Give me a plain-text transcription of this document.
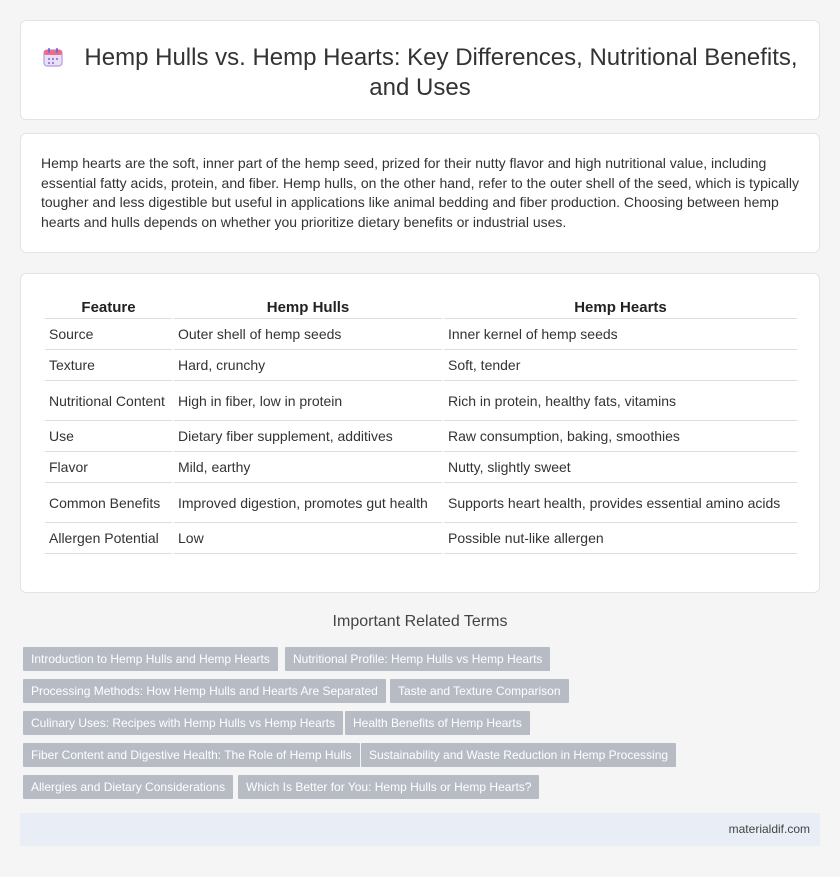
Hemp Hulls vs. Hemp Hearts: Key Differences, Nutritional Benefits, and Uses

Hemp hearts are the soft, inner part of the hemp seed, prized for their nutty flavor and high nutritional value, including essential fatty acids, protein, and fiber. Hemp hulls, on the other hand, refer to the outer shell of the seed, which is typically tougher and less digestible but useful in applications like animal bedding and fiber production. Choosing between hemp hearts and hulls depends on whether you prioritize dietary benefits or industrial uses.

Feature		Hemp Hulls		Hemp Hearts
Source		Outer shell of hemp seeds		Inner kernel of hemp seeds
Texture		Hard, crunchy		Soft, tender
Nutritional Content		High in fiber, low in protein		Rich in protein, healthy fats, vitamins
Use		Dietary fiber supplement, additives		Raw consumption, baking, smoothies
Flavor		Mild, earthy		Nutty, slightly sweet
Common Benefits		Improved digestion, promotes gut health		Supports heart health, provides essential amino acids
Allergen Potential		Low		Possible nut-like allergen
Important Related Terms
Introduction to Hemp Hulls and Hemp Hearts	Nutritional Profile: Hemp Hulls vs Hemp Hearts
Processing Methods: How Hemp Hulls and Hearts Are Separated	Taste and Texture Comparison
Culinary Uses: Recipes with Hemp Hulls vs Hemp Hearts	Health Benefits of Hemp Hearts
Fiber Content and Digestive Health: The Role of Hemp Hulls	Sustainability and Waste Reduction in Hemp Processing
Allergies and Dietary Considerations	Which Is Better for You: Hemp Hulls or Hemp Hearts?
materialdif.com
